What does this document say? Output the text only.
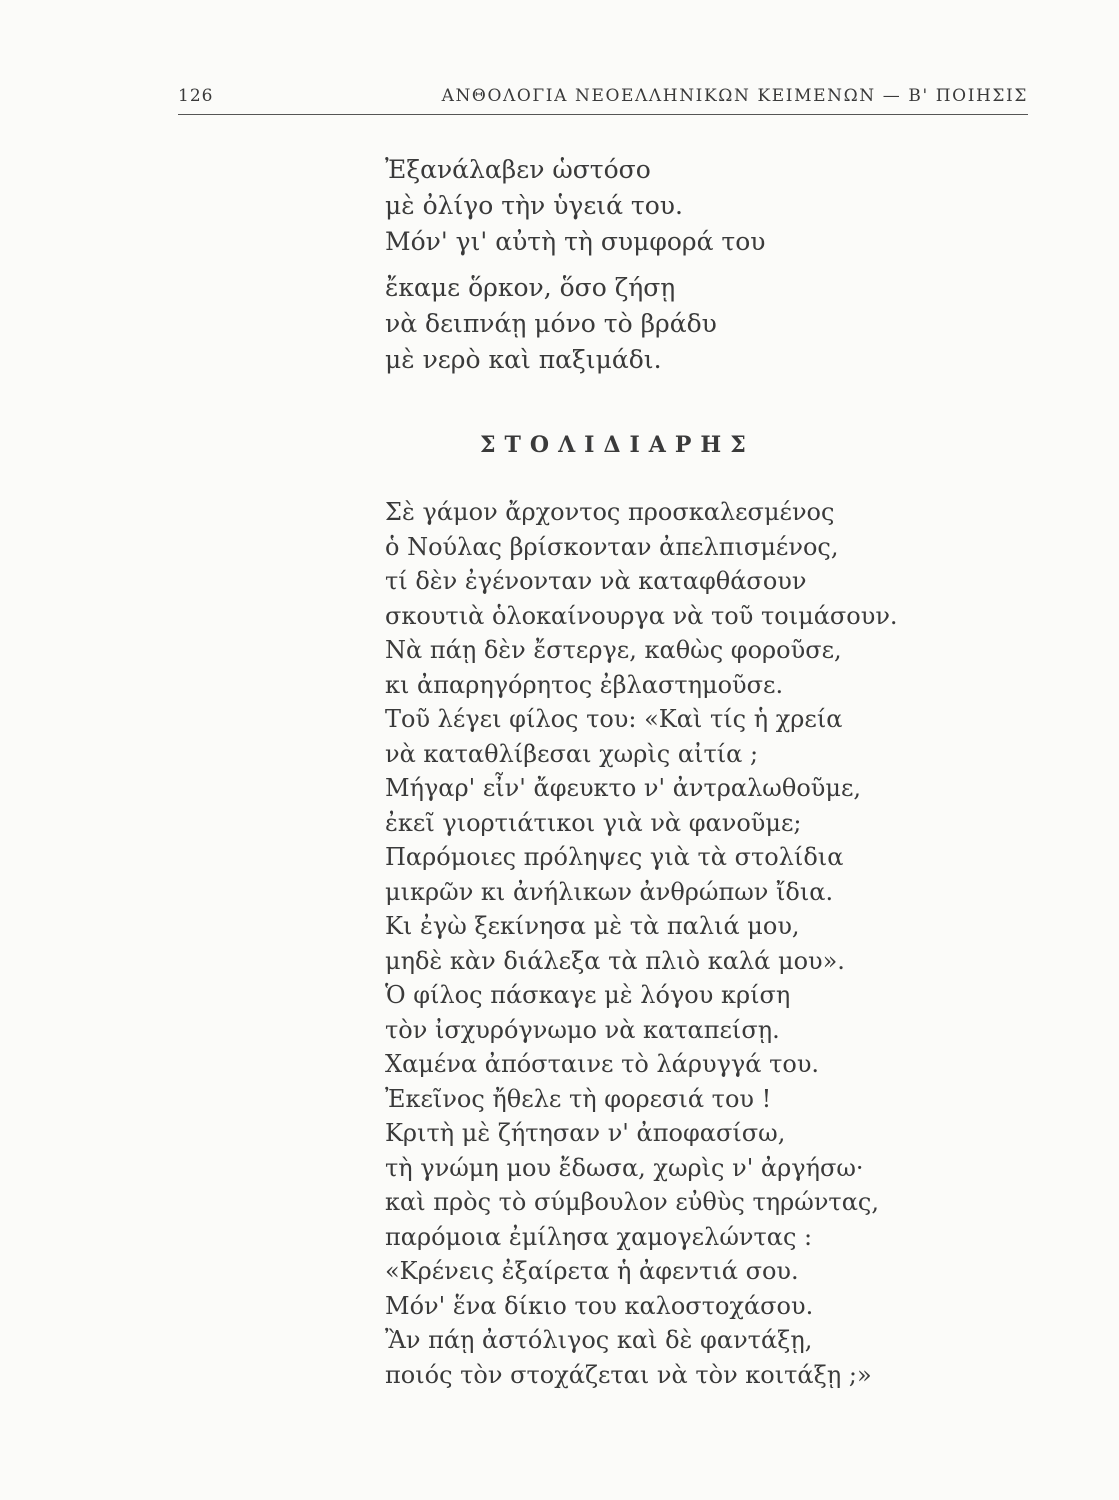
126	ΑΝΘΟΛΟΓΙΑ ΝΕΟΕΛΛΗΝΙΚΩΝ ΚΕΙΜΕΝΩΝ — Β' ΠΟΙΗΣΙΣ
Ἐξανάλαβεν ὡστόσο
μὲ ὀλίγο τὴν ὑγειά του.
Μόν' γι' αὐτὴ τὴ συμφορά του
ἔκαμε ὅρκον, ὅσο ζήσῃ
νὰ δειπνάῃ μόνο τὸ βράδυ
μὲ νερὸ καὶ παξιμάδι.
ΣΤΟΛΙΔΙΑΡΗΣ
Σὲ γάμον ἄρχοντος προσκαλεσμένος
ὁ Νούλας βρίσκονταν ἀπελπισμένος,
τί δὲν ἐγένονταν νὰ καταφθάσουν
σκουτιὰ ὁλοκαίνουργα νὰ τοῦ τοιμάσουν.
Νὰ πάῃ δὲν ἔστεργε, καθὼς φοροῦσε,
κι ἀπαρηγόρητος ἐβλαστημοῦσε.
Τοῦ λέγει φίλος του: «Καὶ τίς ἡ χρεία
νὰ καταθλίβεσαι χωρὶς αἰτία ;
Μήγαρ' εἶν' ἄφευκτο ν' ἀντραλωθοῦμε,
ἐκεῖ γιορτιάτικοι γιὰ νὰ φανοῦμε;
Παρόμοιες πρόληψες γιὰ τὰ στολίδια
μικρῶν κι ἀνήλικων ἀνθρώπων ἴδια.
Κι ἐγὼ ξεκίνησα μὲ τὰ παλιά μου,
μηδὲ κὰν διάλεξα τὰ πλιὸ καλά μου».
Ὁ φίλος πάσκαγε μὲ λόγου κρίση
τὸν ἰσχυρόγνωμο νὰ καταπείσῃ.
Χαμένα ἀπόσταινε τὸ λάρυγγά του.
Ἐκεῖνος ἤθελε τὴ φορεσιά του !
Κριτὴ μὲ ζήτησαν ν' ἀποφασίσω,
τὴ γνώμη μου ἔδωσα, χωρὶς ν' ἀργήσω·
καὶ πρὸς τὸ σύμβουλον εὐθὺς τηρώντας,
παρόμοια ἐμίλησα χαμογελώντας :
«Κρένεις ἐξαίρετα ἡ ἀφεντιά σου.
Μόν' ἕνα δίκιο του καλοστοχάσου.
Ἂν πάῃ ἀστόλιγος καὶ δὲ φαντάξῃ,
ποιός τὸν στοχάζεται νὰ τὸν κοιτάξῃ ;»
